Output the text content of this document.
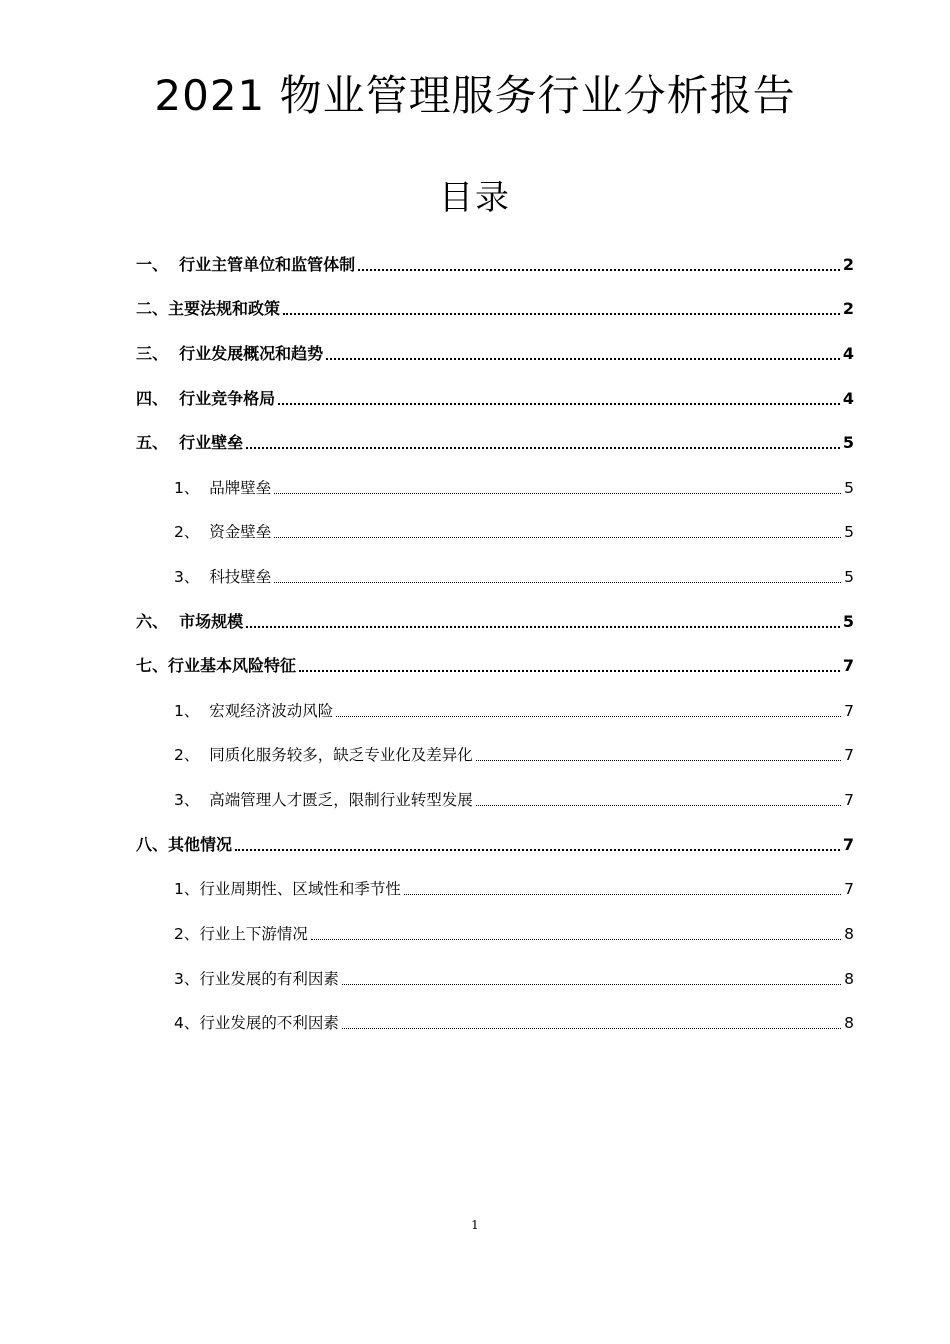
2021 物业管理服务行业分析报告
目录
一、 行业主管单位和监管体制	2
二、 主要法规和政策	2
三、 行业发展概况和趋势	4
四、 行业竞争格局	4
五、 行业壁垒	5
1、 品牌壁垒	5
2、 资金壁垒	5
3、 科技壁垒	5
六、 市场规模	5
七、 行业基本风险特征	7
1、 宏观经济波动风险	7
2、 同质化服务较多，缺乏专业化及差异化	7
3、 高端管理人才匮乏，限制行业转型发展	7
八、 其他情况	7
1、 行业周期性、区域性和季节性	7
2、 行业上下游情况	8
3、 行业发展的有利因素	8
4、 行业发展的不利因素	8
1
